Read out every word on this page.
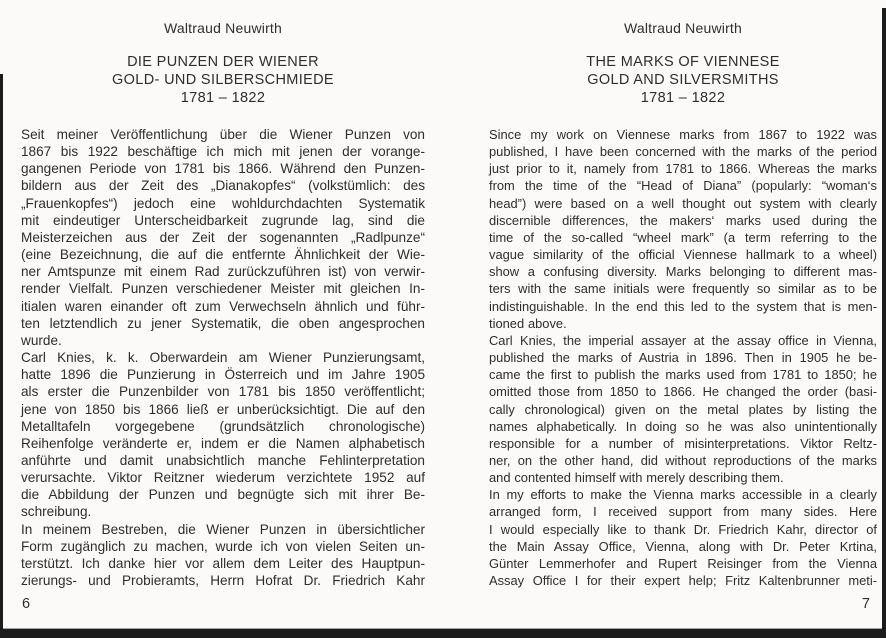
Waltraud Neuwirth
DIE PUNZEN DER WIENER
GOLD- UND SILBERSCHMIEDE
1781 – 1822
Seit meiner Veröffentlichung über die Wiener Punzen von
1867 bis 1922 beschäftige ich mich mit jenen der vorange-
gangenen Periode von 1781 bis 1866. Während den Punzen-
bildern aus der Zeit des „Dianakopfes“ (volkstümlich: des
„Frauenkopfes“) jedoch eine wohldurchdachten Systematik
mit eindeutiger Unterscheidbarkeit zugrunde lag, sind die
Meisterzeichen aus der Zeit der sogenannten „Radlpunze“
(eine Bezeichnung, die auf die entfernte Ähnlichkeit der Wie-
ner Amtspunze mit einem Rad zurückzuführen ist) von verwir-
render Vielfalt. Punzen verschiedener Meister mit gleichen In-
itialen waren einander oft zum Verwechseln ähnlich und führ-
ten letztendlich zu jener Systematik, die oben angesprochen
wurde.
Carl Knies, k. k. Oberwardein am Wiener Punzierungsamt,
hatte 1896 die Punzierung in Österreich und im Jahre 1905
als erster die Punzenbilder von 1781 bis 1850 veröffentlicht;
jene von 1850 bis 1866 ließ er unberücksichtigt. Die auf den
Metalltafeln vorgegebene (grundsätzlich chronologische)
Reihenfolge veränderte er, indem er die Namen alphabetisch
anführte und damit unabsichtlich manche Fehlinterpretation
verursachte. Viktor Reitzner wiederum verzichtete 1952 auf
die Abbildung der Punzen und begnügte sich mit ihrer Be-
schreibung.
In meinem Bestreben, die Wiener Punzen in übersichtlicher
Form zugänglich zu machen, wurde ich von vielen Seiten un-
terstützt. Ich danke hier vor allem dem Leiter des Hauptpun-
zierungs- und Probieramts, Herrn Hofrat Dr. Friedrich Kahr
6
Waltraud Neuwirth
THE MARKS OF VIENNESE
GOLD AND SILVERSMITHS
1781 – 1822
Since my work on Viennese marks from 1867 to 1922 was
published, I have been concerned with the marks of the period
just prior to it, namely from 1781 to 1866. Whereas the marks
from the time of the “Head of Diana” (popularly: “woman‘s
head”) were based on a well thought out system with clearly
discernible differences, the makers‘ marks used during the
time of the so-called “wheel mark” (a term referring to the
vague similarity of the official Viennese hallmark to a wheel)
show a confusing diversity. Marks belonging to different mas-
ters with the same initials were frequently so similar as to be
indistinguishable. In the end this led to the system that is men-
tioned above.
Carl Knies, the imperial assayer at the assay office in Vienna,
published the marks of Austria in 1896. Then in 1905 he be-
came the first to publish the marks used from 1781 to 1850; he
omitted those from 1850 to 1866. He changed the order (basi-
cally chronological) given on the metal plates by listing the
names alphabetically. In doing so he was also unintentionally
responsible for a number of misinterpretations. Viktor Reltz-
ner, on the other hand, did without reproductions of the marks
and contented himself with merely describing them.
In my efforts to make the Vienna marks accessible in a clearly
arranged form, I received support from many sides. Here
I would especially like to thank Dr. Friedrich Kahr, director of
the Main Assay Office, Vienna, along with Dr. Peter Krtina,
Günter Lemmerhofer and Rupert Reisinger from the Vienna
Assay Office I for their expert help; Fritz Kaltenbrunner meti-
7
